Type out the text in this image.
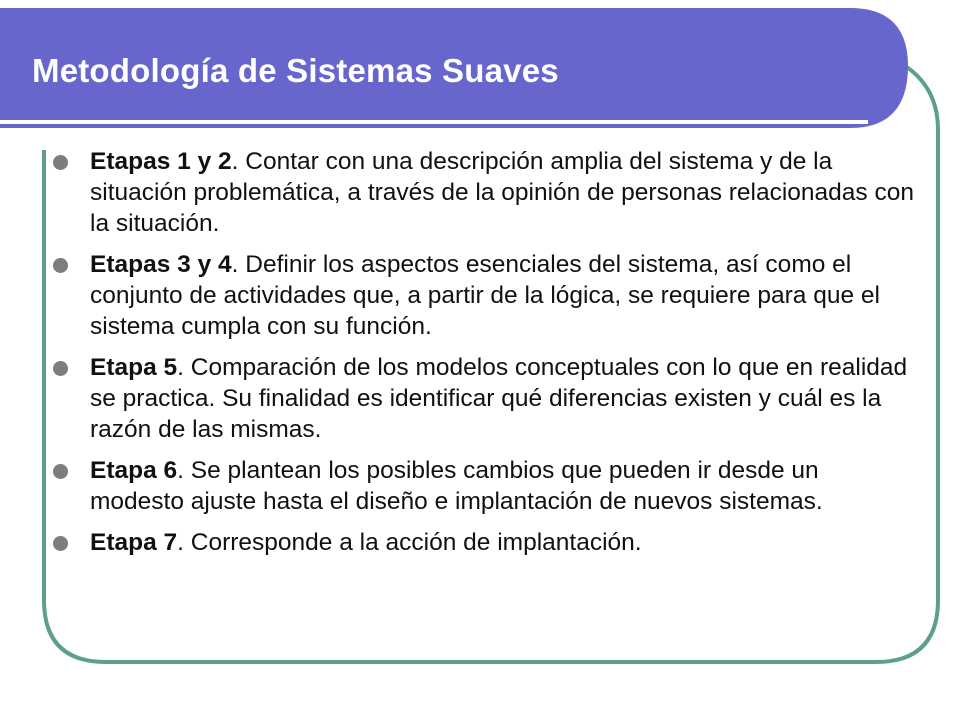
Metodología de Sistemas Suaves
Etapas 1 y 2. Contar con una descripción amplia del sistema y de la situación problemática, a través de la opinión de personas relacionadas con la situación.
Etapas 3 y 4. Definir los aspectos esenciales del sistema, así como el conjunto de actividades que, a partir de la lógica, se requiere para que el sistema cumpla con su función.
Etapa 5. Comparación de los modelos conceptuales con lo que en realidad se practica. Su finalidad es identificar qué diferencias existen y cuál es la razón de las mismas.
Etapa 6. Se plantean los posibles cambios que pueden ir desde un modesto ajuste hasta el diseño e implantación de nuevos sistemas.
Etapa 7. Corresponde a la acción de implantación.
